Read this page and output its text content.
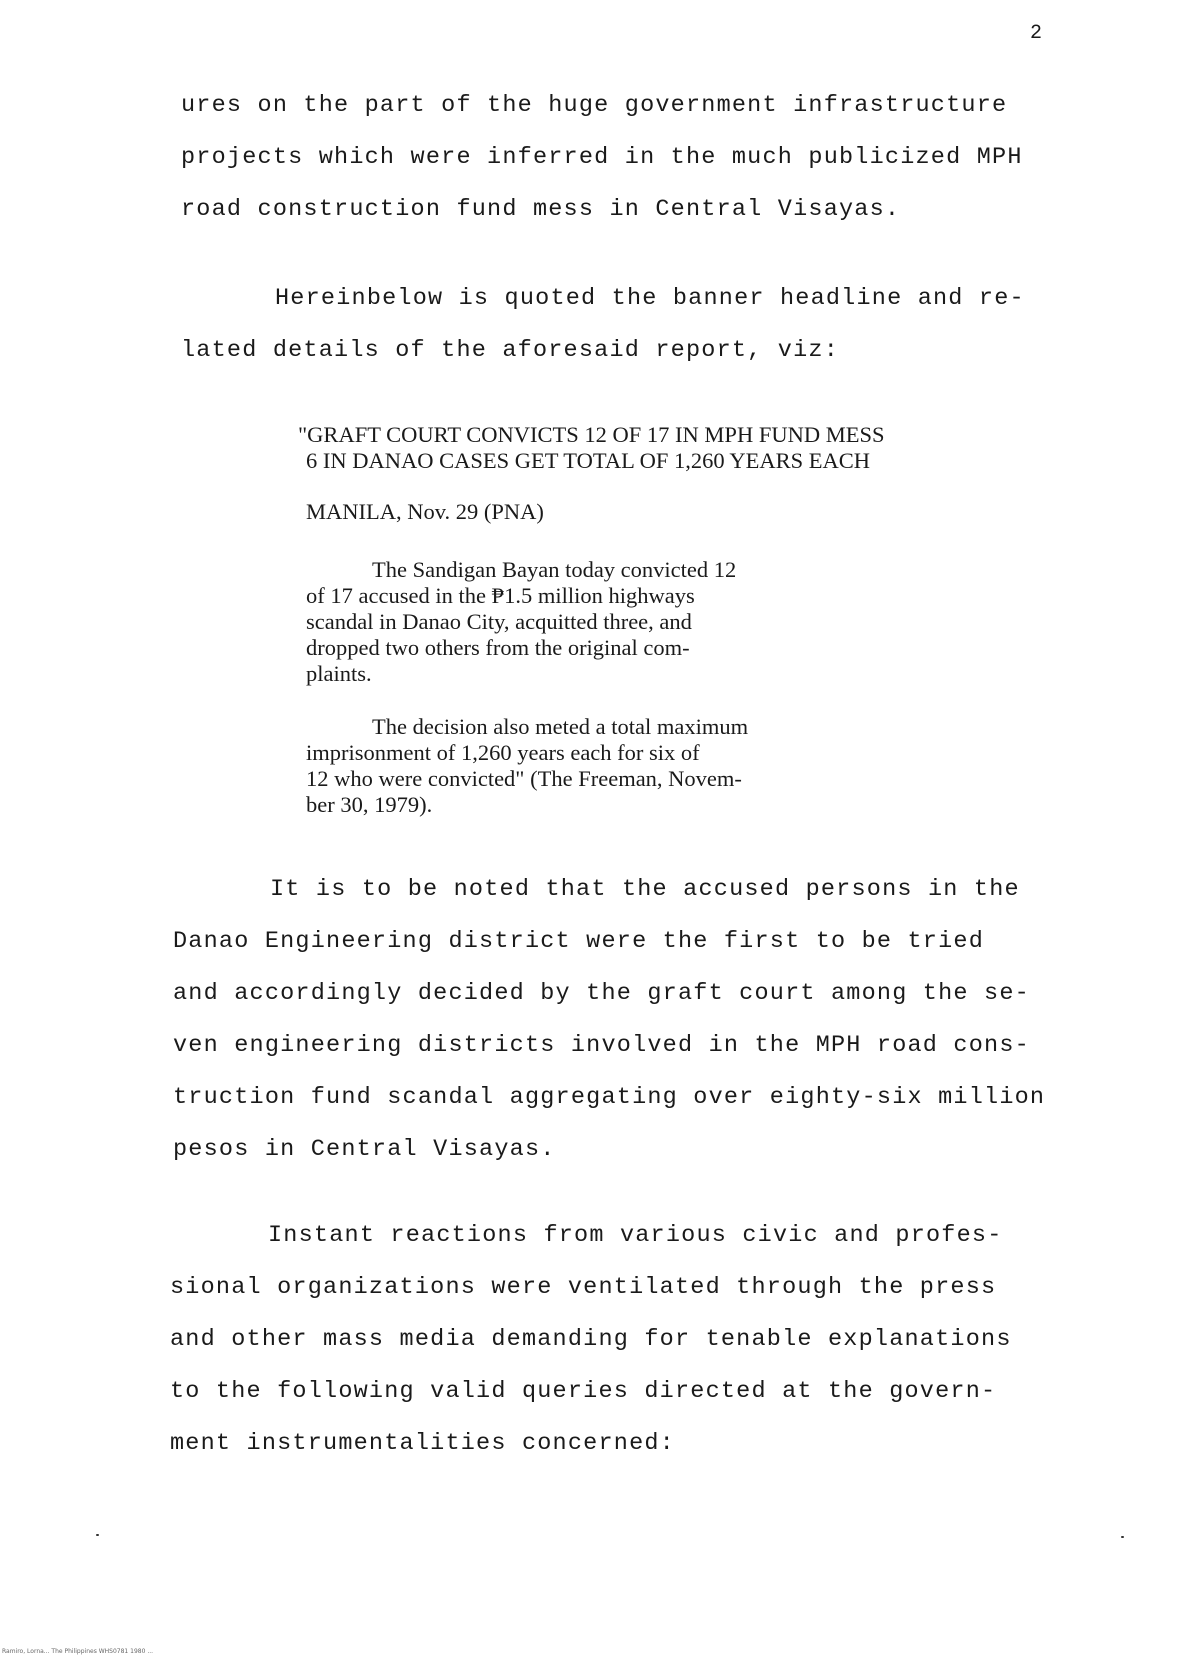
2
ures on the part of the huge government infrastructure
projects which were inferred in the much publicized MPH
road construction fund mess in Central Visayas.
Hereinbelow is quoted the banner headline and re-
lated details of the aforesaid report, viz:
"GRAFT COURT CONVICTS 12 OF 17 IN MPH FUND MESS
6 IN DANAO CASES GET TOTAL OF 1,260 YEARS EACH
MANILA, Nov. 29 (PNA)
The Sandigan Bayan today convicted 12
of 17 accused in the ₱1.5 million highways
scandal in Danao City, acquitted three, and
dropped two others from the original com-
plaints.
The decision also meted a total maximum
imprisonment of 1,260 years each for six of
12 who were convicted" (The Freeman, Novem-
ber 30, 1979).
It is to be noted that the accused persons in the
Danao Engineering district were the first to be tried
and accordingly decided by the graft court among the se-
ven engineering districts involved in the MPH road cons-
truction fund scandal aggregating over eighty-six million
pesos in Central Visayas.
Instant reactions from various civic and profes-
sional organizations were ventilated through the press
and other mass media demanding for tenable explanations
to the following valid queries directed at the govern-
ment instrumentalities concerned:
Ramiro, Lorna... The Philippines WHS0781 1980 ...
